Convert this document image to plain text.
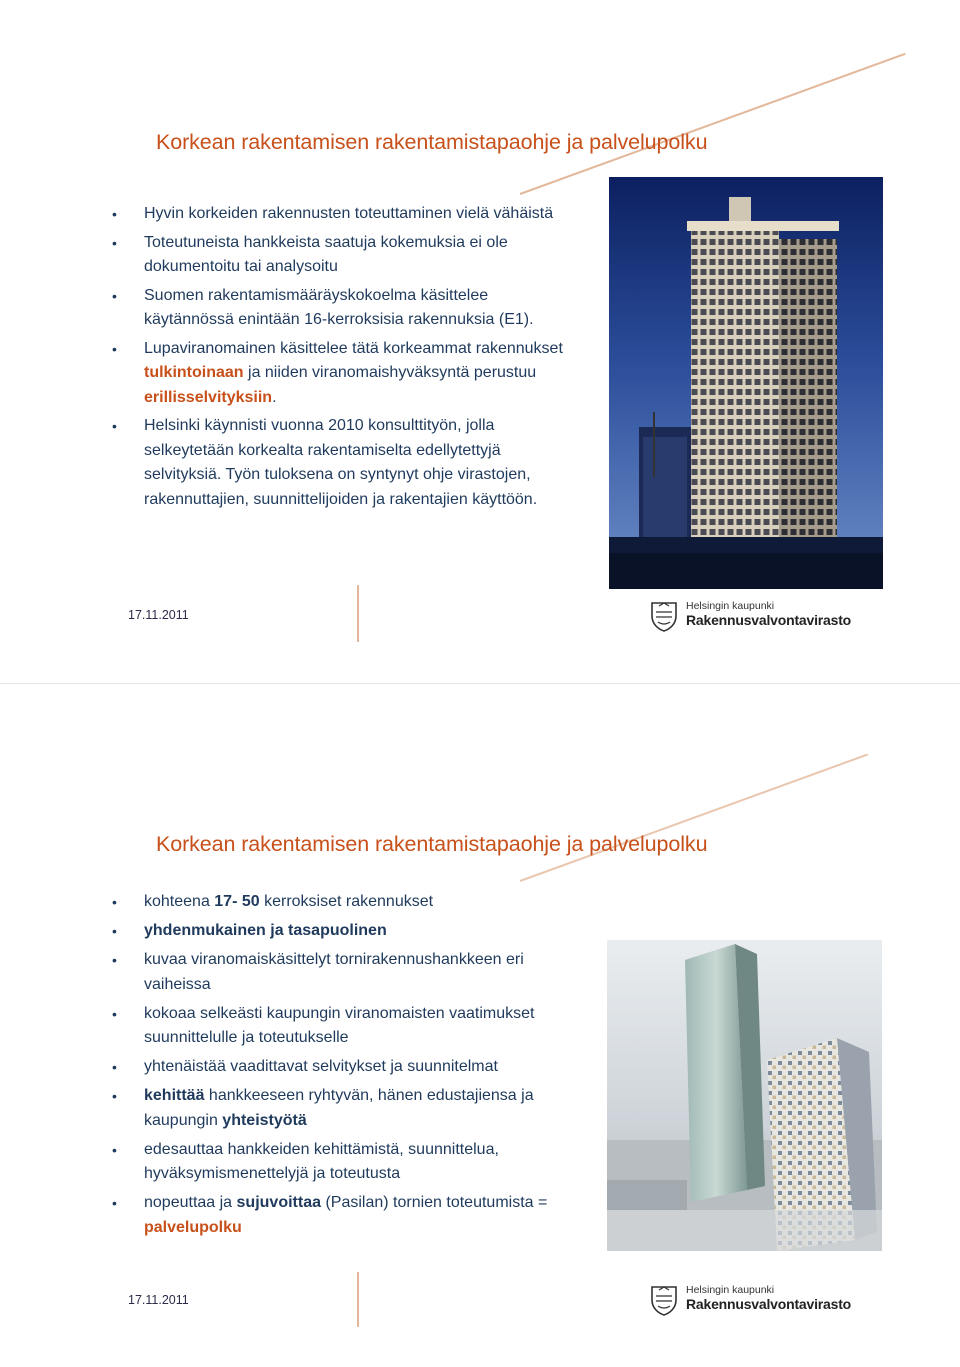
Korkean rakentamisen rakentamistapaohje ja palvelupolku
• Hyvin korkeiden rakennusten toteuttaminen vielä vähäistä
• Toteutuneista hankkeista saatuja kokemuksia ei ole dokumentoitu tai analysoitu
• Suomen rakentamismääräyskokoelma käsittelee käytännössä enintään 16-kerroksisia rakennuksia (E1).
• Lupaviranomainen käsittelee tätä korkeammat rakennukset tulkintoinaan ja niiden viranomaishyväksyntä perustuu erillisselvityksiin.
• Helsinki käynnisti vuonna 2010 konsulttityön, jolla selkeytetään korkealta rakentamiselta edellytettyjä selvityksiä. Työn tuloksena on syntynyt ohje virastojen, rakennuttajien, suunnittelijoiden ja rakentajien käyttöön.
17.11.2011
Helsingin kaupunki
Rakennusvalvontavirasto
Korkean rakentamisen rakentamistapaohje ja palvelupolku
• kohteena 17- 50 kerroksiset rakennukset
• yhdenmukainen ja tasapuolinen
• kuvaa viranomaiskäsittelyt tornirakennushankkeen eri vaiheissa
• kokoaa selkeästi kaupungin viranomaisten vaatimukset suunnittelulle ja toteutukselle
• yhtenäistää vaadittavat selvitykset ja suunnitelmat
• kehittää hankkeeseen ryhtyvän, hänen edustajiensa ja kaupungin yhteistyötä
• edesauttaa hankkeiden kehittämistä, suunnittelua, hyväksymismenettelyjä ja toteutusta
• nopeuttaa ja sujuvoittaa (Pasilan) tornien toteutumista = palvelupolku
17.11.2011
Helsingin kaupunki
Rakennusvalvontavirasto
